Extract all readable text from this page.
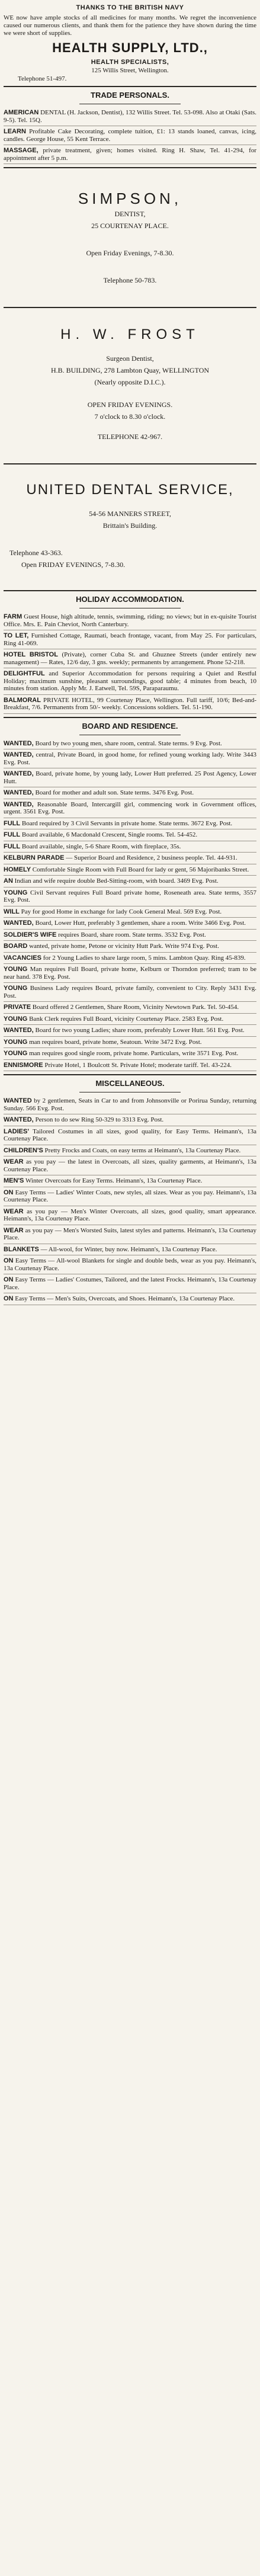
THANKS TO THE BRITISH NAVY

WE now have ample stocks of all medicines for many months. We regret the inconvenience caused our numerous clients, and thank them for the patience they have shown during the time we were short of supplies.

HEALTH SUPPLY, LTD.,
HEALTH SPECIALISTS,
125 Willis Street, Wellington.
Telephone 51-497.
TRADE PERSONALS.
AMERICAN DENTAL (H. Jackson, Dentist), 132 Willis Street. Tel. 53-098. Also at Otaki (Sats. 9-5). Tel. 15Q.
LEARN Profitable Cake Decorating, complete tuition, £1: 13 stands loaned, canvas, icing, candles. George House, 55 Kent Terrace.
MASSAGE, private treatment, given; homes visited. Ring H. Shaw, Tel. 41-294, for appointment after 5 p.m.
SIMPSON,
DENTIST,
25 COURTENAY PLACE.
Open Friday Evenings, 7-8.30.
Telephone 50-783.
H. W. FROST
Surgeon Dentist,
H.B. BUILDING, 278 Lambton Quay, WELLINGTON
(Nearly opposite D.I.C.).
OPEN FRIDAY EVENINGS.
7 o'clock to 8.30 o'clock.
TELEPHONE 42-967.
UNITED DENTAL SERVICE,
54-56 MANNERS STREET,
Brittain's Building.
Telephone 43-363.
Open FRIDAY EVENINGS, 7-8.30.
HOLIDAY ACCOMMODATION.
FARM Guest House, high altitude, tennis, swimming, riding; no views; but in ex-quisite Tourist Office. Mrs. E. Pain Cheviot, North Canterbury.
TO LET, Furnished Cottage, Raumati, beach frontage, vacant, from May 25. For particulars, Ring 41-069.
HOTEL BRISTOL (Private), corner Cuba St. and Ghuznee Streets (under entirely new management) — Rates, 12/6 day, 3 gns. weekly; permanents by arrangement. Phone 52-218.
DELIGHTFUL and Superior Accommodation for persons requiring a Quiet and Restful Holiday; maximum sunshine, pleasant surroundings, good table; 4 minutes from beach, 10 minutes from station. Apply Mr. J. Eatwell, Tel. 59S, Paraparaumu.
BALMORAL PRIVATE HOTEL, 99 Courtenay Place, Wellington. Full tariff, 10/6; Bed-and-Breakfast, 7/6. Permanents from 50/- weekly. Concessions soldiers. Tel. 51-190.
BOARD AND RESIDENCE.
WANTED, Board by two young men, share room, central. State terms. 9 Evg. Post.
WANTED, central, Private Board, in good home, for refined young working lady. Write 3443 Evg. Post.
WANTED, Board, private home, by young lady, Lower Hutt preferred. 25 Post Agency, Lower Hutt.
WANTED, Board for mother and adult son. State terms. 3476 Evg. Post.
WANTED, Reasonable Board, Intercargill girl, commencing work in Government offices, urgent. 3561 Evg. Post.
FULL Board required by 3 Civil Servants in private home. State terms. 3672 Evg. Post.
FULL Board available, 6 Macdonald Crescent, Single rooms. Tel. 54-452.
FULL Board available, single, 5-6 Share Room, with fireplace, 35s.
KELBURN PARADE — Superior Board and Residence, 2 business people. Tel. 44-931.
HOMELY Comfortable Single Room with Full Board for lady or gent, 56 Majoribanks Street.
AN Indian and wife require double Bed-Sitting-room, with board. 3469 Evg. Post.
YOUNG Civil Servant requires Full Board private home, Roseneath area. State terms, 3557 Evg. Post.
WILL Pay for good Home in exchange for lady Cook General Meal. 569 Evg. Post.
WANTED, Board, Lower Hutt, preferably 3 gentlemen, share a room. Write 3466 Evg. Post.
SOLDIER'S WIFE requires Board, share room. State terms. 3532 Evg. Post.
BOARD wanted, private home, Petone or vicinity Hutt Park. Write 974 Evg. Post.
VACANCIES for 2 Young Ladies to share large room, 5 mins. Lambton Quay. Ring 45-839.
YOUNG Man requires Full Board, private home, Kelburn or Thorndon preferred; tram to be near hand. 378 Evg. Post.
YOUNG Business Lady requires Board, private family, convenient to City. Reply 3431 Evg. Post.
PRIVATE Board offered 2 Gentlemen, Share Room, Vicinity Newtown Park. Tel. 50-454.
YOUNG Bank Clerk requires Full Board, vicinity Courtenay Place. 2583 Evg. Post.
WANTED, Board for two young Ladies; share room, preferably Lower Hutt. 561 Evg. Post.
YOUNG man requires board, private home, Seatoun. Write 3472 Evg. Post.
YOUNG man requires good single room, private home. Particulars, write 3571 Evg. Post.
ENNISMORE Private Hotel, 1 Boulcott St. Private Hotel; moderate tariff. Tel. 43-224.
MISCELLANEOUS.
WANTED by 2 gentlemen, Seats in Car to and from Johnsonville or Porirua Sunday, returning Sunday. 566 Evg. Post.
WANTED, Person to do sew Ring 50-329 to 3313 Evg. Post.
LADIES' Tailored Costumes in all sizes, good quality, for Easy Terms. Heimann's, 13a Courtenay Place.
CHILDREN'S Pretty Frocks and Coats, on easy terms at Heimann's, 13a Courtenay Place.
WEAR as you pay — the latest in Overcoats, all sizes, quality garments, at Heimann's, 13a Courtenay Place.
MEN'S Winter Overcoats for Easy Terms. Heimann's, 13a Courtenay Place.
ON Easy Terms — Ladies' Winter Coats, new styles, all sizes. Wear as you pay. Heimann's, 13a Courtenay Place.
WEAR as you pay — Men's Winter Overcoats, all sizes, good quality, smart appearance. Heimann's, 13a Courtenay Place.
WEAR as you pay — Men's Worsted Suits, latest styles and patterns. Heimann's, 13a Courtenay Place.
BLANKETS — All-wool, for Winter, buy now. Heimann's, 13a Courtenay Place.
ON Easy Terms — All-wool Blankets for single and double beds, wear as you pay. Heimann's, 13a Courtenay Place.
ON Easy Terms — Ladies' Costumes, Tailored, and the latest Frocks. Heimann's, 13a Courtenay Place.
ON Easy Terms — Men's Suits, Overcoats, and Shoes. Heimann's, 13a Courtenay Place.
